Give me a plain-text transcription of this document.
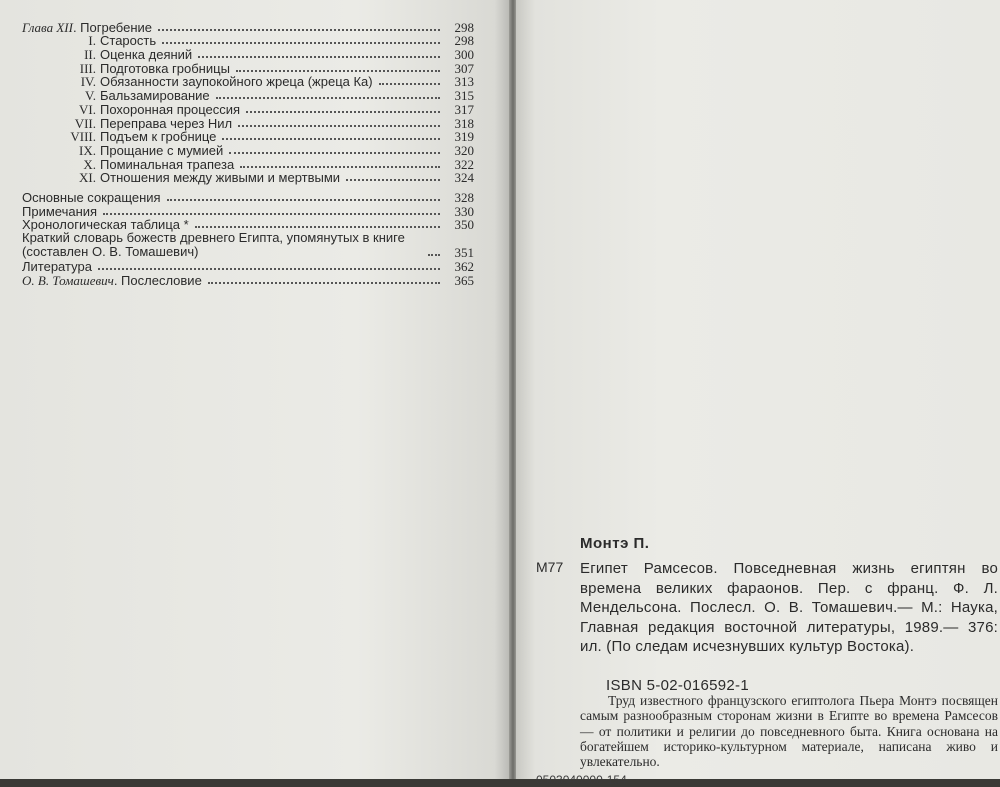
Глава XII. Погребение	298
I. Старость	298
II. Оценка деяний	300
III. Подготовка гробницы	307
IV. Обязанности заупокойного жреца (жреца Ка)	313
V. Бальзамирование	315
VI. Похоронная процессия	317
VII. Переправа через Нил	318
VIII. Подъем к гробнице	319
IX. Прощание с мумией	320
X. Поминальная трапеза	322
XI. Отношения между живыми и мертвыми	324
Основные сокращения	328
Примечания	330
Хронологическая таблица *	350
Краткий словарь божеств древнего Египта, упомянутых в книге (составлен О. В. Томашевич)	351
Литература	362
О. В. Томашевич. Послесловие	365
Монтэ П.
М77 Египет Рамсесов. Повседневная жизнь египтян во времена великих фараонов. Пер. с франц. Ф. Л. Мендельсона. Послесл. О. В. Томашевич.— М.: Наука, Главная редакция восточной литературы, 1989.— 376: ил. (По следам исчезнувших культур Востока).
ISBN 5-02-016592-1
Труд известного французского египтолога Пьера Монтэ посвящен самым разнообразным сторонам жизни в Египте во времена Рамсесов — от политики и религии до повседневного быта. Книга основана на богатейшем историко-культурном материале, написана живо и увлекательно.
0503040000-154
